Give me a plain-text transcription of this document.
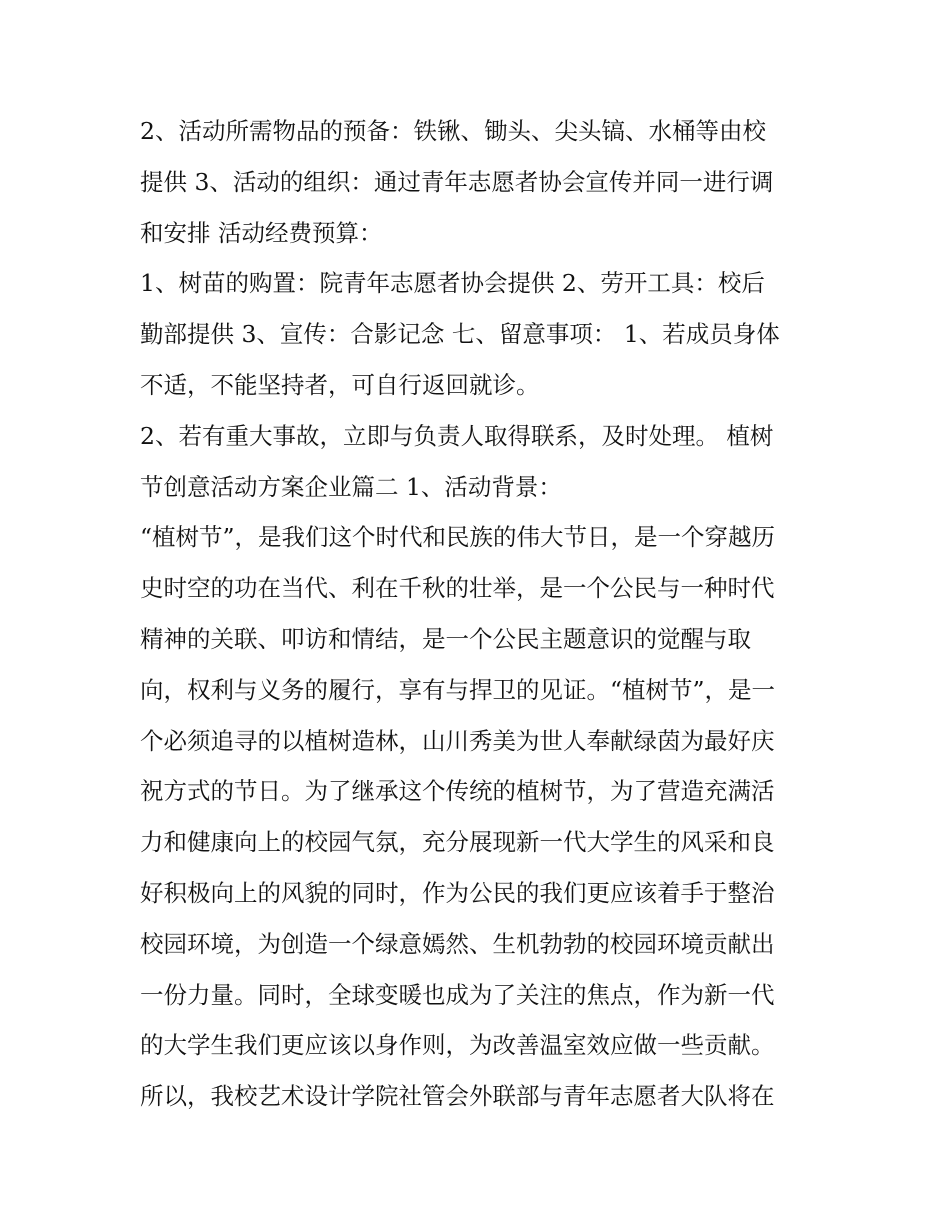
2、活动所需物品的预备：铁锹、锄头、尖头镐、水桶等由校
提供 3、活动的组织：通过青年志愿者协会宣传并同一进行调
和安排 活动经费预算：
1、树苗的购置：院青年志愿者协会提供 2、劳开工具：校后
勤部提供 3、宣传：合影记念 七、留意事项： 1、若成员身体
不适，不能坚持者，可自行返回就诊。
2、若有重大事故，立即与负责人取得联系，及时处理。 植树
节创意活动方案企业篇二 1、活动背景：
“植树节”，是我们这个时代和民族的伟大节日，是一个穿越历
史时空的功在当代、利在千秋的壮举，是一个公民与一种时代
精神的关联、叩访和情结，是一个公民主题意识的觉醒与取
向，权利与义务的履行，享有与捍卫的见证。“植树节”，是一
个必须追寻的以植树造林，山川秀美为世人奉献绿茵为最好庆
祝方式的节日。为了继承这个传统的植树节，为了营造充满活
力和健康向上的校园气氛，充分展现新一代大学生的风采和良
好积极向上的风貌的同时，作为公民的我们更应该着手于整治
校园环境，为创造一个绿意嫣然、生机勃勃的校园环境贡献出
一份力量。同时，全球变暖也成为了关注的焦点，作为新一代
的大学生我们更应该以身作则，为改善温室效应做一些贡献。
所以，我校艺术设计学院社管会外联部与青年志愿者大队将在
